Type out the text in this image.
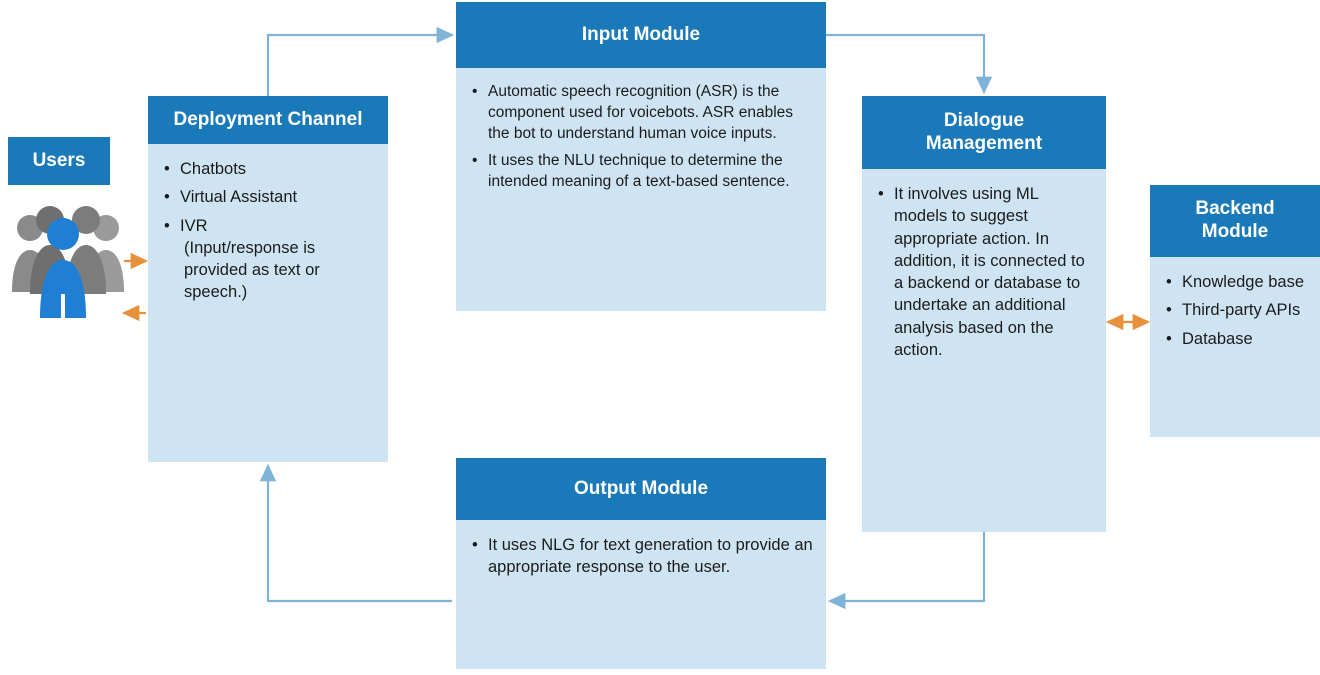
Users
Deployment Channel
• Chatbots
• Virtual Assistant
• IVR
(Input/response is provided as text or speech.)
Input Module
• Automatic speech recognition (ASR) is the component used for voicebots. ASR enables the bot to understand human voice inputs.
• It uses the NLU technique to determine the intended meaning of a text-based sentence.
Dialogue
Management
• It involves using ML models to suggest appropriate action. In addition, it is connected to a backend or database to undertake an additional analysis based on the action.
Backend
Module
• Knowledge base
• Third-party APIs
• Database
Output Module
• It uses NLG for text generation to provide an appropriate response to the user.
